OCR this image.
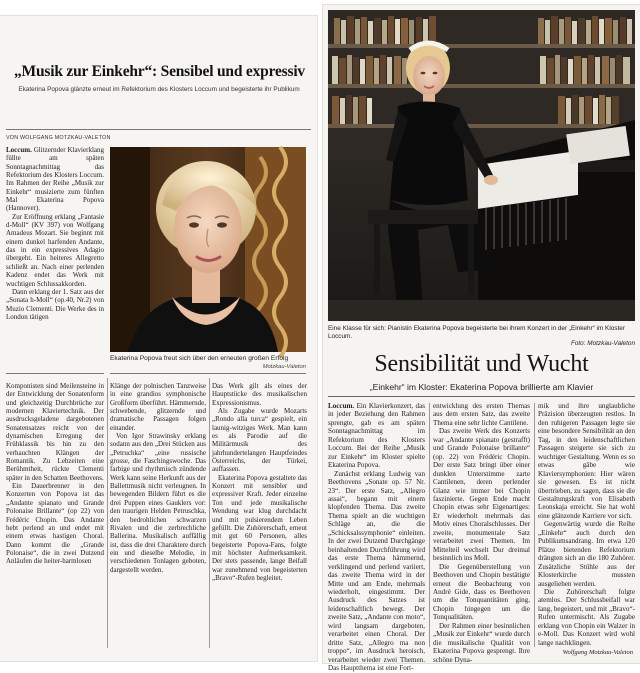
„Musik zur Einkehr“: Sensibel und expressiv
Ekaterina Popova glänzte erneut im Refektorium des Klosters Loccum und begeisterte ihr Publikum
VON WOLFGANG MOTZKAU-VALETON

Loccum. Glitzernder Klavierklang füllte am späten Sonntagnachmittag das Refektorium des Klosters Loccum. Im Rahmen der Reihe „Musik zur Einkehr“ musizierte zum fünften Mal Ekaterina Popova (Hannover).

Zur Eröffnung erklang „Fantasie d-Moll“ (KV 397) von Wolfgang Amadeus Mozart. Sie beginnt mit einem dunkel harfenden Andante, das in ein expressives Adagio übergeht. Ein heiteres Allegretto schließt an. Nach einer perlenden Kadenz endet das Werk mit wuchtigen Schlussakkorden.

Dann erklang der 1. Satz aus der „Sonata h-Moll“ (op.40, Nr.2) von Muzio Clementi. Die Werke des in London tätigen

Ekaterina Popova freut sich über den erneuten großen Erfolg
Motzkau-Valeton

Komponisten sind Meilensteine in der Entwicklung der Sonatenform und gleichzeitig Durchbrüche zur modernen Klaviertechnik. Der ausdrucksgeladene dargebotenen Sonatensatzes reicht von der dynamischen Erregung der Frühklassik bis hin zu den verhauchten Klängen der Romantik. Zu Lebzeiten eine Berühmtheit, rückte Clementi später in den Schatten Beethovens.

Ein Dauerbrenner in den Konzerten von Popova ist das „Andante spianato und Grande Polonaise Brillante“ (op 22) von Frédéric Chopin. Das Andante hebt perlend an und endet mit einem etwas hastigen Choral. Dann kommt die „Grande Polonaise“, die in zwei Dutzend Anläufen die heiter-harmlosen

Klänge der polnischen Tanzweise in eine grandios symphonische Großform überführt. Hämmernde, schwebende, glitzernde und dramatische Passagen folgen einander.

Von Igor Strawinsky erklang sodann aus den „Drei Stücken aus „Petruchka“ „eine russische grosse, die Faschingswoche. Das farbige und rhythmisch zündende Werk kann seine Herkunft aus der Ballettmusik nicht verleugnen. In bewegenden Bildern führt es die drei Puppen eines Gauklers vor: den traurigen Helden Petruschka, den bedrohlichen schwarzen Rivalen und die zerbrechliche Ballerina. Musikalisch auffällig ist, dass die drei Charaktere durch ein und dieselbe Melodie, in verschiedenen Tonlagen geboten, dargestellt werden.

Das Werk gilt als eines der Hauptstücke des musikalischen Expressionismus.

Als Zugabe wurde Mozarts „Rondo alla turca“ gespielt, ein launig-witziges Werk. Man kann es als Parodie auf die Militärmusik des jahrhundertelangen Hauptfeindes Österreichs, der Türkei, auffassen.

Ekaterina Popova gestaltete das Konzert mit sensibler und expressiver Kraft. Jeder einzelne Ton und jede musikalische Wendung war klug durchdacht und mit pulsierendem Leben gefüllt. Die Zuhörerschaft, erneut mit gut 60 Personen, alles begeisterte Popova-Fans, folgte mit höchster Aufmerksamkeit. Der stets passende, lange Beifall war zunehmend von begeisterten „Bravo“-Rufen begleitet.

Eine Klasse für sich: Pianistin Ekaterina Popova begeisterte bei ihrem Konzert in der „Einkehr“ im Kloster Loccum.
Foto: Motzkau-Valeton
Sensibilität und Wucht
„Einkehr“ im Kloster: Ekaterina Popova brillierte am Klavier

Loccum. Ein Klavierkonzert, das in jeder Beziehung den Rahmen sprengte, gab es am späten Sonntagnachmittag im Refektorium des Klosters Loccum. Bei der Reihe „Musik zur Einkehr“ im Kloster spielte Ekaterina Popova.

Zunächst erklang Ludwig van Beethovens „Sonate op. 57 Nr. 23“. Der erste Satz, „Allegro assai“, begann mit einem klopfenden Thema. Das zweite Thema spielt an die wuchtigen Schläge an, die die „Schicksalssymphonie“ einleiten. In der zwei Dutzend Durchgänge beinhaltenden Durchführung wird das erste Thema hämmernd, verklingend und perlend variiert, das zweite Thema wird in der Mitte und am Ende, mehrmals wiederholt, eingestimmt. Der Ausdruck des Satzes ist leidenschaftlich bewegt. Der zweite Satz, „Andante con moto“, wird langsam dargeboten, verarbeitet einen Choral. Der dritte Satz, „Allegro ma non troppo“, im Ausdruck heroisch, verarbeitet wieder zwei Themen. Das Hauptthema ist eine Fort-

entwicklung des ersten Themas aus dem ersten Satz, das zweite Thema eine sehr lichte Cantilene.

Das zweite Werk des Konzerts war „Andante spianato (gestrafft) und Grande Polonaise brillante“ (op. 22) von Frédéric Chopin. Der erste Satz bringt über einer dunklen Unterstimme zarte Cantilenen, deren perlender Glanz wie immer bei Chopin faszinierte. Gegen Ende macht Chopin etwas sehr Eigenartiges: Er wiederholt mehrmals das Motiv eines Choralschlusses. Der zweite, monumentale Satz verarbeitet zwei Themen. Im Mittelteil wechselt Dur dreimal besinnlich ins Moll.

Die Gegenüberstellung von Beethoven und Chopin bestätigte erneut die Beobachtung von André Gide, dass es Beethoven um die Tonquantitäten ging, Chopin hingegen um die Tonqualitäten.

Der Rahmen einer besinnlichen „Musik zur Einkehr“ wurde durch die musikalische Qualität von Ekaterina Popova gesprengt. Ihre schöne Dyna-

mik und ihre unglaubliche Präzision überzeugten restlos. In den ruhigeren Passagen legte sie eine besondere Sensibilität an den Tag, in den leidenschaftlichen Passagen steigerte sie sich zu wuchtiger Gestaltung. Wenn es so etwas gäbe wie Klaviersymphonien: Hier wären sie gewesen. Es ist nicht übertrieben, zu sagen, dass sie die Gestaltungskraft von Elisabeth Leonskaja erreicht. Sie hat wohl eine glänzende Karriere vor sich.

Gegenwärtig wurde die Reihe „Einkehr“ auch durch den Publikumsandrang. Im etwa 120 Plätze bietenden Refektorium drängten sich an die 180 Zuhörer. Zusätzliche Stühle aus der Klosterkirche mussten ausgeliehen werden.

Die Zuhörerschaft folgte atemlos. Der Schlussbeifall war lang, begeistert, und mit „Bravo“-Rufen untermischt. Als Zugabe erklang von Chopin ein Walzer in e-Moll. Das Konzert wird wohl lange nachklingen.

Wolfgang Motzkau-Valeton
